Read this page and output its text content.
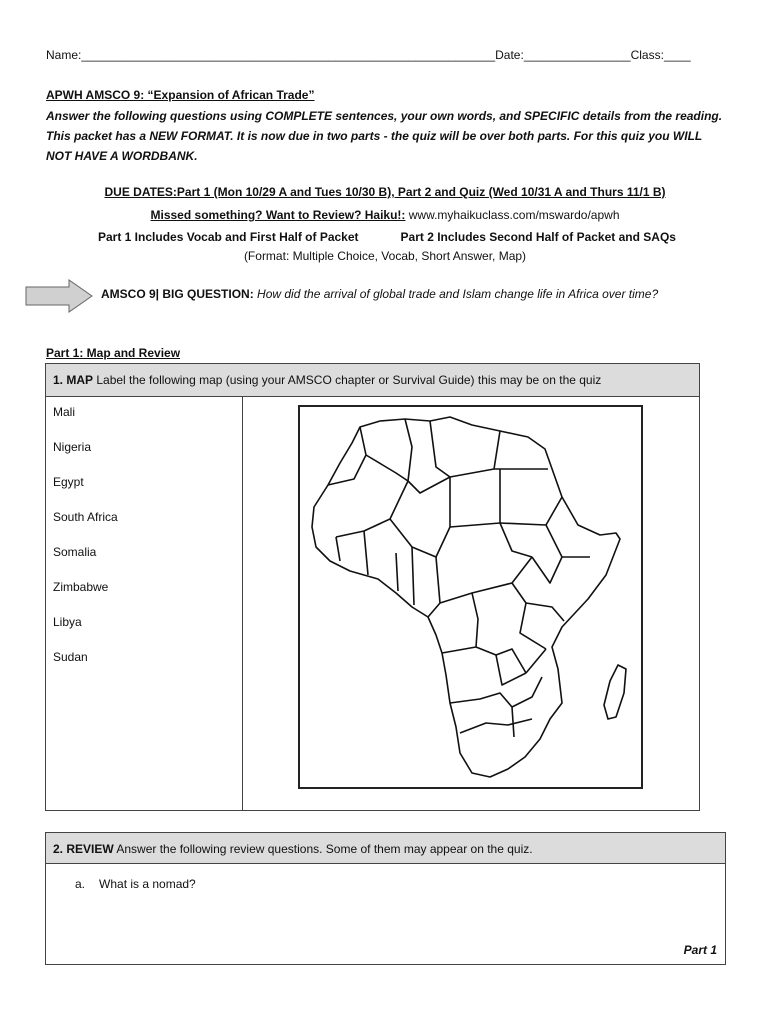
Name:______________________________________________________________Date:________________Class:____
APWH AMSCO 9: “Expansion of African Trade”
Answer the following questions using COMPLETE sentences, your own words, and SPECIFIC details from the reading. This packet has a NEW FORMAT. It is now due in two parts - the quiz will be over both parts. For this quiz you WILL NOT HAVE A WORDBANK.
DUE DATES:Part 1 (Mon 10/29 A and Tues 10/30 B), Part 2 and Quiz (Wed 10/31 A and Thurs 11/1 B)
Missed something? Want to Review? Haiku!: www.myhaikuclass.com/mswardo/apwh
Part 1 Includes Vocab and First Half of Packet	Part 2 Includes Second Half of Packet and SAQs
(Format: Multiple Choice, Vocab, Short Answer, Map)
AMSCO 9| BIG QUESTION: How did the arrival of global trade and Islam change life in Africa over time?
Part 1: Map and Review
1. MAP Label the following map (using your AMSCO chapter or Survival Guide) this may be on the quiz
Mali
Nigeria
Egypt
South Africa
Somalia
Zimbabwe
Libya
Sudan
2. REVIEW Answer the following review questions. Some of them may appear on the quiz.
a. What is a nomad?
Part 1
